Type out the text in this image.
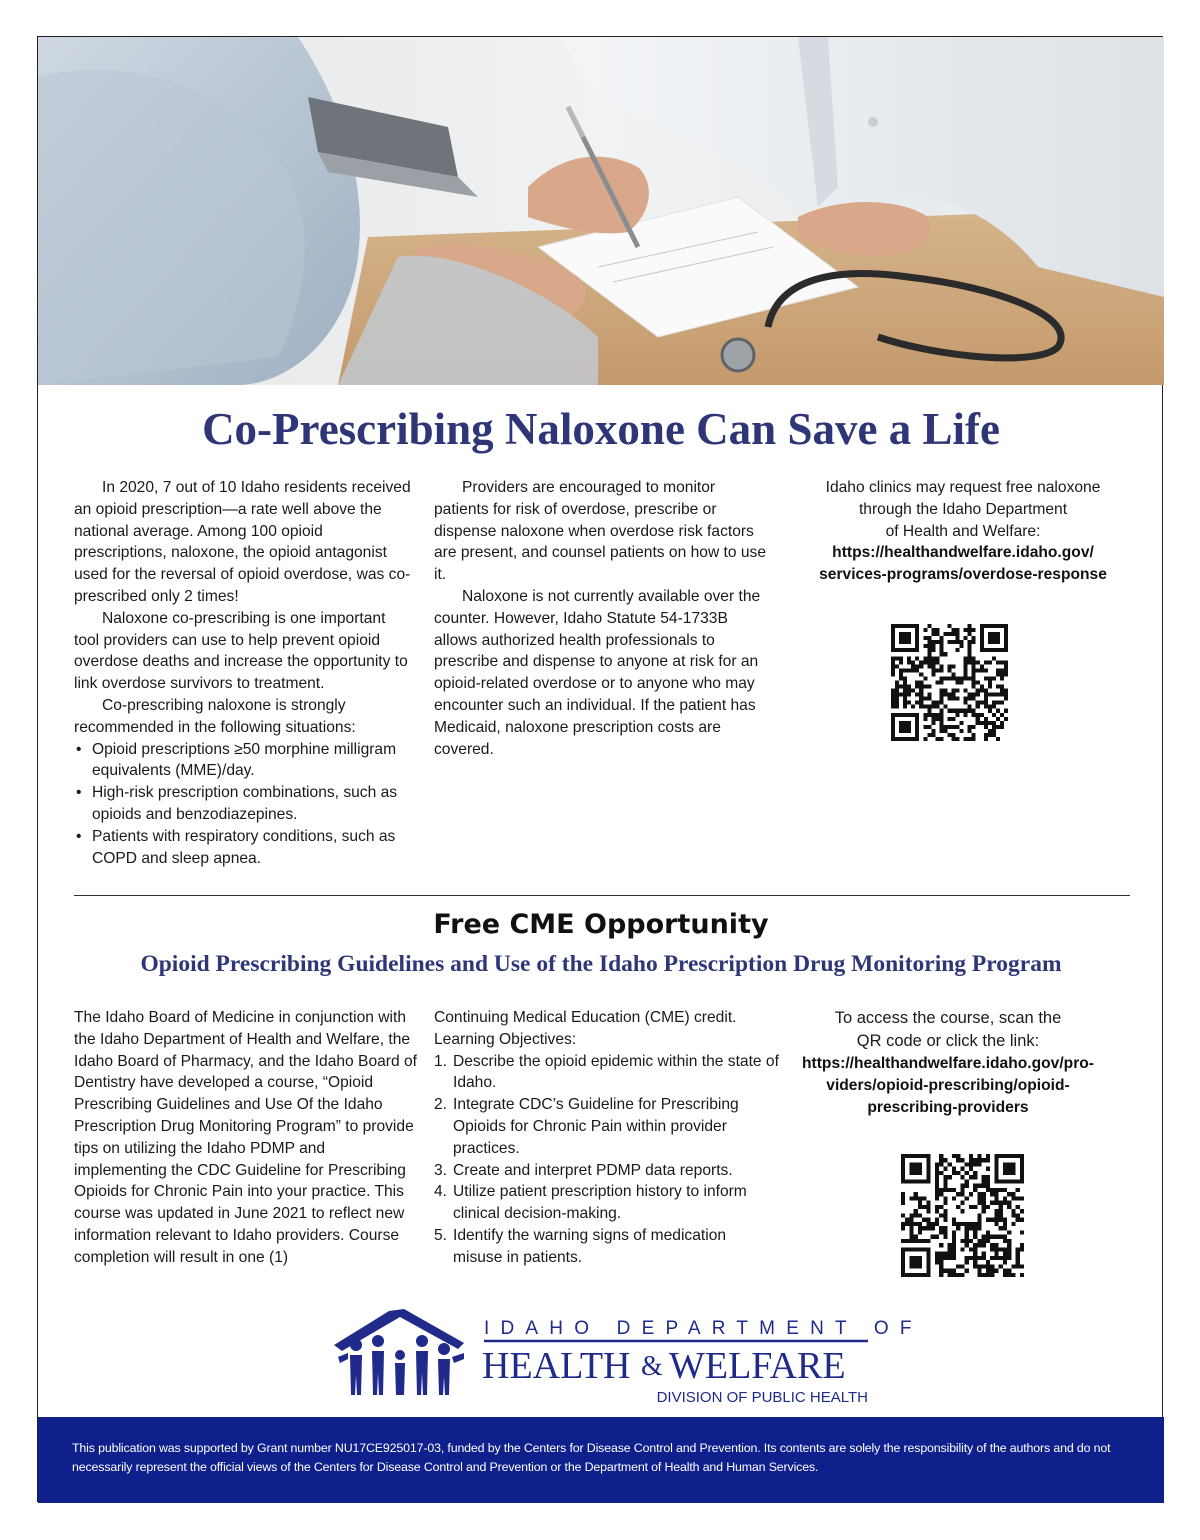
Co-Prescribing Naloxone Can Save a Life

In 2020, 7 out of 10 Idaho residents received an opioid prescription—a rate well above the national average. Among 100 opioid prescriptions, naloxone, the opioid antagonist used for the reversal of opioid overdose, was co-prescribed only 2 times!

Naloxone co-prescribing is one important tool providers can use to help prevent opioid overdose deaths and increase the opportunity to link overdose survivors to treatment.

Co-prescribing naloxone is strongly recommended in the following situations:

• Opioid prescriptions ≥50 morphine milligram equivalents (MME)/day.
• High-risk prescription combinations, such as opioids and benzodiazepines.
• Patients with respiratory conditions, such as COPD and sleep apnea.

Providers are encouraged to monitor patients for risk of overdose, prescribe or dispense naloxone when overdose risk factors are present, and counsel patients on how to use it.

Naloxone is not currently available over the counter. However, Idaho Statute 54-1733B allows authorized health professionals to prescribe and dispense to anyone at risk for an opioid-related overdose or to anyone who may encounter such an individual. If the patient has Medicaid, naloxone prescription costs are covered.

Idaho clinics may request free naloxone

through the Idaho Department

of Health and Welfare:

https://healthandwelfare.idaho.gov/
services-programs/overdose-response
Free CME Opportunity
Opioid Prescribing Guidelines and Use of the Idaho Prescription Drug Monitoring Program

The Idaho Board of Medicine in conjunction with the Idaho Department of Health and Welfare, the Idaho Board of Pharmacy, and the Idaho Board of Dentistry have developed a course, “Opioid Prescribing Guidelines and Use Of the Idaho Prescription Drug Monitoring Program” to provide tips on utilizing the Idaho PDMP and implementing the CDC Guideline for Prescribing Opioids for Chronic Pain into your practice. This course was updated in June 2021 to reflect new information relevant to Idaho providers. Course completion will result in one (1)

Continuing Medical Education (CME) credit.

Learning Objectives:

1. Describe the opioid epidemic within the state of Idaho.
2. Integrate CDC’s Guideline for Prescribing Opioids for Chronic Pain within provider practices.
3. Create and interpret PDMP data reports.
4. Utilize patient prescription history to inform clinical decision-making.
5. Identify the warning signs of medication misuse in patients.

To access the course, scan the

QR code or click the link:

https://healthandwelfare.idaho.gov/pro-
viders/opioid-prescribing/opioid-
prescribing-providers
IDAHO DEPARTMENT OF
HEALTH & WELFARE
DIVISION OF PUBLIC HEALTH

This publication was supported by Grant number NU17CE925017-03, funded by the Centers for Disease Control and Prevention. Its contents are solely the responsibility of the authors and do not necessarily represent the official views of the Centers for Disease Control and Prevention or the Department of Health and Human Services.
